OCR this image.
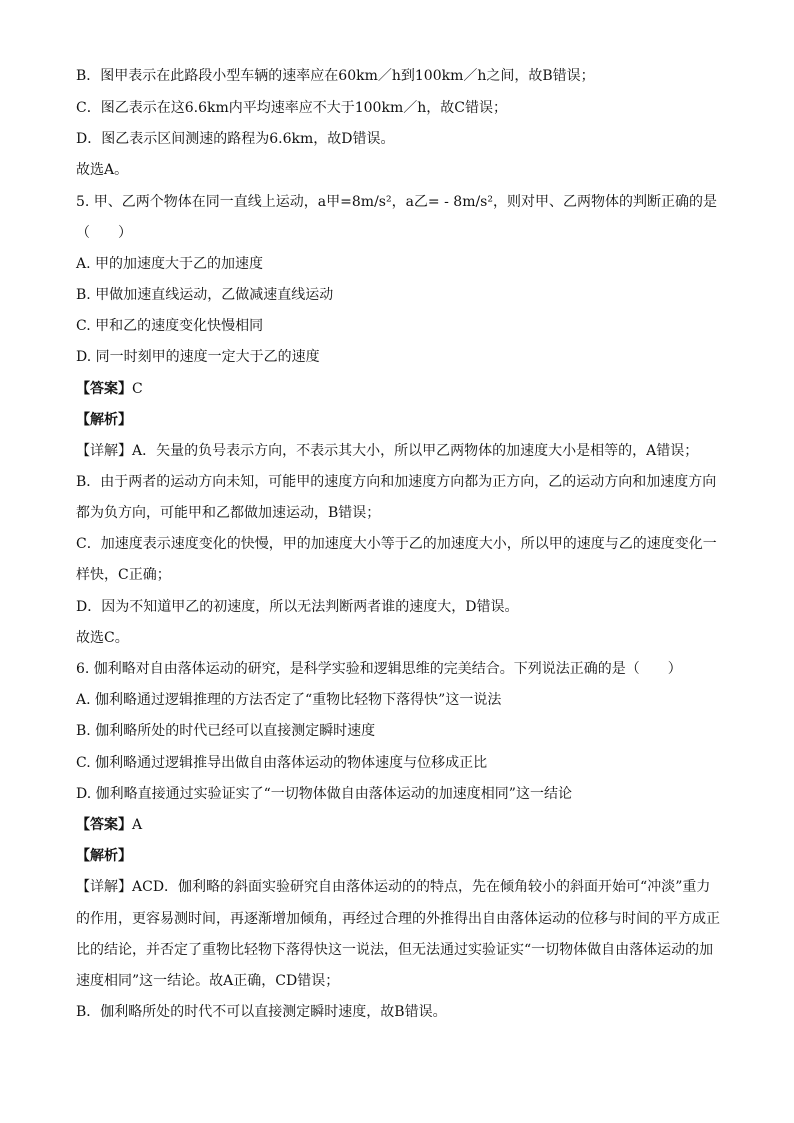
B．图甲表示在此路段小型车辆的速率应在60km／h到100km／h之间，故B错误；
C．图乙表示在这6.6km内平均速率应不大于100km／h，故C错误；
D．图乙表示区间测速的路程为6.6km，故D错误。
故选A。
5. 甲、乙两个物体在同一直线上运动，a甲=8m/s²，a乙= - 8m/s²，则对甲、乙两物体的判断正确的是
（　　）
A. 甲的加速度大于乙的加速度
B. 甲做加速直线运动，乙做减速直线运动
C. 甲和乙的速度变化快慢相同
D. 同一时刻甲的速度一定大于乙的速度
【答案】C
【解析】
【详解】A．矢量的负号表示方向，不表示其大小，所以甲乙两物体的加速度大小是相等的，A错误；
B．由于两者的运动方向未知，可能甲的速度方向和加速度方向都为正方向，乙的运动方向和加速度方向
都为负方向，可能甲和乙都做加速运动，B错误；
C．加速度表示速度变化的快慢，甲的加速度大小等于乙的加速度大小，所以甲的速度与乙的速度变化一
样快，C正确；
D．因为不知道甲乙的初速度，所以无法判断两者谁的速度大，D错误。
故选C。
6. 伽利略对自由落体运动的研究，是科学实验和逻辑思维的完美结合。下列说法正确的是（　　）
A. 伽利略通过逻辑推理的方法否定了“重物比轻物下落得快”这一说法
B. 伽利略所处的时代已经可以直接测定瞬时速度
C. 伽利略通过逻辑推导出做自由落体运动的物体速度与位移成正比
D. 伽利略直接通过实验证实了“一切物体做自由落体运动的加速度相同”这一结论
【答案】A
【解析】
【详解】ACD．伽利略的斜面实验研究自由落体运动的的特点，先在倾角较小的斜面开始可“冲淡”重力
的作用，更容易测时间，再逐渐增加倾角，再经过合理的外推得出自由落体运动的位移与时间的平方成正
比的结论，并否定了重物比轻物下落得快这一说法，但无法通过实验证实“一切物体做自由落体运动的加
速度相同”这一结论。故A正确，CD错误；
B．伽利略所处的时代不可以直接测定瞬时速度，故B错误。
